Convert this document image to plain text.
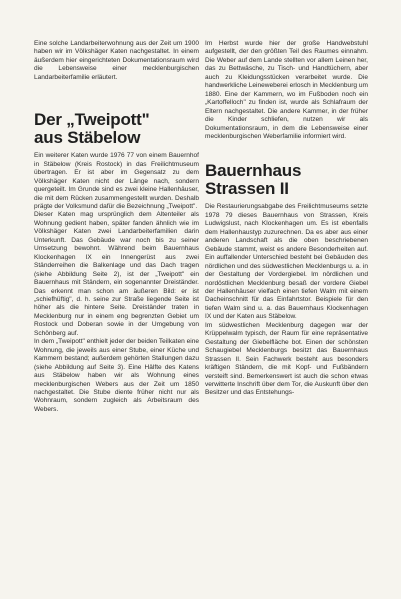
Eine solche Landarbeiterwohnung aus der Zeit um 1900 haben wir im Völkshäger Katen nachgestaltet. In einem äußerdem hier eingerichteten Dokumentationsraum wird die Lebensweise einer mecklenburgischen Landarbeiterfamilie erläutert.

Der „Tweipott"
aus Stäbelow

Ein weiterer Katen wurde 1976 77 von einem Bauernhof in Stäbelow (Kreis Rostock) in das Freilichtmuseum übertragen. Er ist aber im Gegensatz zu dem Völkshäger Katen nicht der Länge nach, sondern quergeteilt. Im Grunde sind es zwei kleine Hallenhäuser, die mit dem Rücken zusammengestellt wurden. Deshalb prägte der Volksmund dafür die Bezeichnung „Tweipott".

Dieser Katen mag ursprünglich dem Altenteiler als Wohnung gedient haben, später fanden ähnlich wie im Völkshäger Katen zwei Landarbeiterfamilien darin Unterkunft. Das Gebäude war noch bis zu seiner Umsetzung bewohnt. Während beim Bauernhaus Klockenhagen IX ein Innengerüst aus zwei Ständerreihen die Balkenlage und das Dach tragen (siehe Abbildung Seite 2), ist der „Tweipott" ein Bauernhaus mit Ständern, ein sogenannter Dreiständer. Das erkennt man schon am äußeren Bild: er ist „schiefhüftig", d. h. seine zur Straße liegende Seite ist höher als die hintere Seite. Dreiständer traten in Mecklenburg nur in einem eng begrenzten Gebiet um Rostock und Doberan sowie in der Umgebung von Schönberg auf.

In dem „Tweipott" enthielt jeder der beiden Teilkaten eine Wohnung, die jeweils aus einer Stube, einer Küche und Kammern bestand; außerdem gehörten Stallungen dazu (siehe Abbildung auf Seite 3). Eine Hälfte des Katens aus Stäbelow haben wir als Wohnung eines mecklenburgischen Webers aus der Zeit um 1850 nachgestaltet. Die Stube diente früher nicht nur als Wohnraum, sondern zugleich als Arbeitsraum des Webers.

Im Herbst wurde hier der große Handwebstuhl aufgestellt, der den größten Teil des Raumes einnahm. Die Weber auf dem Lande stellten vor allem Leinen her, das zu Bettwäsche, zu Tisch- und Handtüchern, aber auch zu Kleidungsstücken verarbeitet wurde. Die handwerkliche Leineweberei erlosch in Mecklenburg um 1880. Eine der Kammern, wo im Fußboden noch ein „Kartoffelloch" zu finden ist, wurde als Schlafraum der Eltern nachgestaltet. Die andere Kammer, in der früher die Kinder schliefen, nutzen wir als Dokumentationsraum, in dem die Lebensweise einer mecklenburgischen Weberfamilie informiert wird.

Bauernhaus
Strassen II

Die Restaurierungsabgabe des Freilichtmuseums setzte 1978 79 dieses Bauernhaus von Strassen, Kreis Ludwigslust, nach Klockenhagen um. Es ist ebenfalls dem Hallenhaustyp zuzurechnen. Da es aber aus einer anderen Landschaft als die oben beschriebenen Gebäude stammt, weist es andere Besonderheiten auf. Ein auffallender Unterschied besteht bei Gebäuden des nördlichen und des südwestlichen Mecklenburgs u. a. in der Gestaltung der Vordergiebel. Im nördlichen und nordöstlichen Mecklenburg besaß der vordere Giebel der Hallenhäuser vielfach einen tiefen Walm mit einem Dacheinschnitt für das Einfahrtstor. Beispiele für den tiefen Walm sind u. a. das Bauernhaus Klockenhagen IX und der Katen aus Stäbelow.

Im südwestlichen Mecklenburg dagegen war der Krüppelwalm typisch, der Raum für eine repräsentative Gestaltung der Giebelfläche bot. Einen der schönsten Schaugiebel Mecklenburgs besitzt das Bauernhaus Strassen II. Sein Fachwerk besteht aus besonders kräftigen Ständern, die mit Kopf- und Fußbändern versteift sind. Bemerkenswert ist auch die schon etwas verwitterte Inschrift über dem Tor, die Auskunft über den Besitzer und das Entstehungs-
